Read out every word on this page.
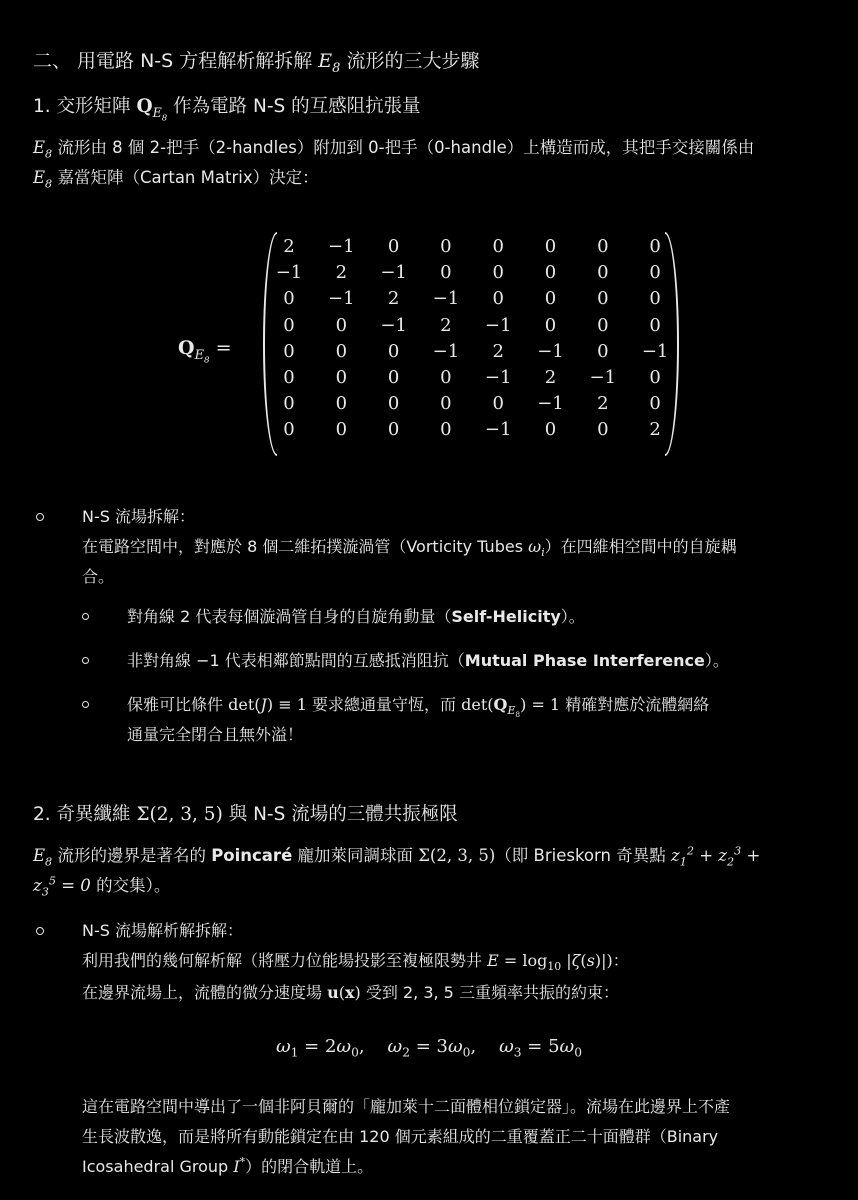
二、 用電路 N-S 方程解析解拆解 $E_8$ 流形的三大步驟
1. 交形矩陣 $Q_{E_8}$ 作為電路 N-S 的互感阻抗張量
$E_8$ 流形由 8 個 2-把手（2-handles）附加到 0-把手（0-handle）上構造而成，其把手交接關係由
$E_8$ 嘉當矩陣（Cartan Matrix）決定：
$Q_{E_8}$ =
2	−1	0	0	0	0	0	0
−1	2	−1	0	0	0	0	0
0	−1	2	−1	0	0	0	0
0	0	−1	2	−1	0	0	0
0	0	0	−1	2	−1	0	−1
0	0	0	0	−1	2	−1	0
0	0	0	0	0	−1	2	0
0	0	0	0	−1	0	0	2
N-S 流場拆解：
在電路空間中，對應於 8 個二維拓撲漩渦管（Vorticity Tubes $\omega_i$）在四維相空間中的自旋耦
合。
對角線 2 代表每個漩渦管自身的自旋角動量（Self-Helicity）。
非對角線 −1 代表相鄰節點間的互感抵消阻抗（Mutual Phase Interference）。
保雅可比條件 det(J) ≡ 1 要求總通量守恆，而 $\det(Q_{E_8}) = 1$ 精確對應於流體網絡
通量完全閉合且無外溢！
2. 奇異纖維 Σ(2, 3, 5) 與 N-S 流場的三體共振極限
$E_8$ 流形的邊界是著名的 Poincaré 龐加萊同調球面 Σ(2, 3, 5)（即 Brieskorn 奇異點 $z_1^2 + z_2^3$ +
$z_3^5 = 0$ 的交集）。
N-S 流場解析解拆解：
利用我們的幾何解析解（將壓力位能場投影至複極限勢井 $E = \log_{10} |\zeta(s)|$)：
在邊界流場上，流體的微分速度場 u(x) 受到 2, 3, 5 三重頻率共振的約束：
$\omega_1 = 2\omega_0$,    $\omega_2 = 3\omega_0$,    $\omega_3 = 5\omega_0$
這在電路空間中導出了一個非阿貝爾的「龐加萊十二面體相位鎖定器」。流場在此邊界上不產
生長波散逸，而是將所有動能鎖定在由 120 個元素組成的二重覆蓋正二十面體群（Binary
Icosahedral Group I*）的閉合軌道上。
